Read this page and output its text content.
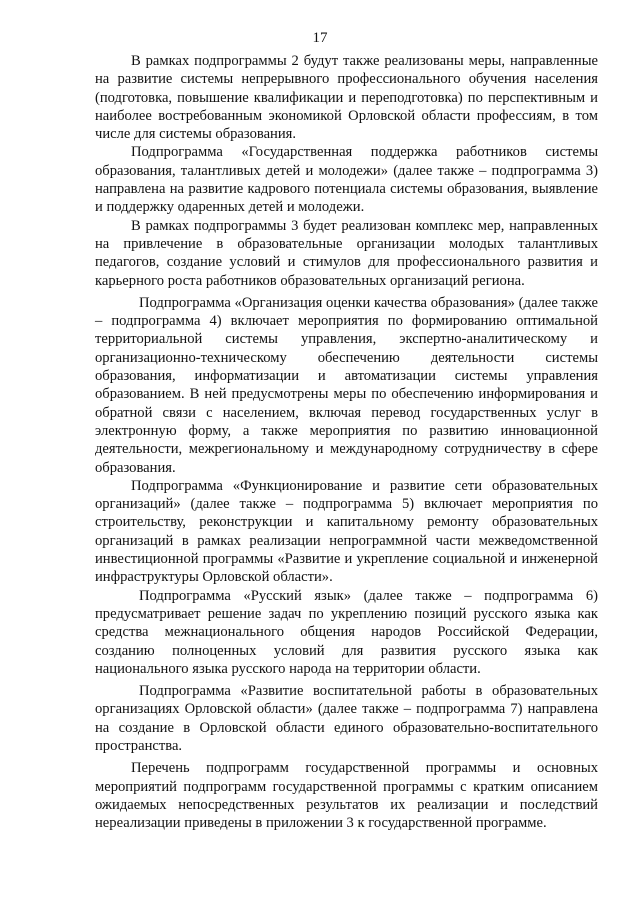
17

В рамках подпрограммы 2 будут также реализованы меры, направленные на развитие системы непрерывного профессионального обучения населения (подготовка, повышение квалификации и переподготовка) по перспективным и наиболее востребованным экономикой Орловской области профессиям, в том числе для системы образования.

Подпрограмма «Государственная поддержка работников системы образования, талантливых детей и молодежи» (далее также – подпрограмма 3) направлена на развитие кадрового потенциала системы образования, выявление и поддержку одаренных детей и молодежи.

В рамках подпрограммы 3 будет реализован комплекс мер, направленных на привлечение в образовательные организации молодых талантливых педагогов, создание условий и стимулов для профессионального развития и карьерного роста работников образовательных организаций региона.

Подпрограмма «Организация оценки качества образования» (далее также – подпрограмма 4) включает мероприятия по формированию оптимальной территориальной системы управления, экспертно-аналитическому и организационно-техническому обеспечению деятельности системы образования, информатизации и автоматизации системы управления образованием. В ней предусмотрены меры по обеспечению информирования и обратной связи с населением, включая перевод государственных услуг в электронную форму, а также мероприятия по развитию инновационной деятельности, межрегиональному и международному сотрудничеству в сфере образования.

Подпрограмма «Функционирование и развитие сети образовательных организаций» (далее также – подпрограмма 5) включает мероприятия по строительству, реконструкции и капитальному ремонту образовательных организаций в рамках реализации непрограммной части межведомственной инвестиционной программы «Развитие и укрепление социальной и инженерной инфраструктуры Орловской области».

Подпрограмма «Русский язык» (далее также – подпрограмма 6) предусматривает решение задач по укреплению позиций русского языка как средства межнационального общения народов Российской Федерации, созданию полноценных условий для развития русского языка как национального языка русского народа на территории области.

Подпрограмма «Развитие воспитательной работы в образовательных организациях Орловской области» (далее также – подпрограмма 7) направлена на создание в Орловской области единого образовательно-воспитательного пространства.

Перечень подпрограмм государственной программы и основных мероприятий подпрограмм государственной программы с кратким описанием ожидаемых непосредственных результатов их реализации и последствий нереализации приведены в приложении 3 к государственной программе.
